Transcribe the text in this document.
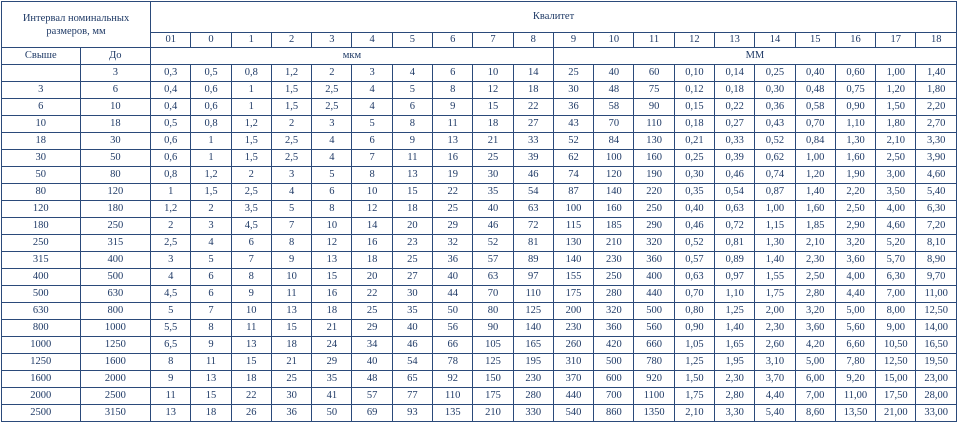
Интервал номинальных размеров, мм		Квалитет																			
		01	0	1	2	3	4	5	6	7	8	9	10	11	12	13	14	15	16	17	18
Свыше	До	мкм										ММ									
	3	0,3	0,5	0,8	1,2	2	3	4	6	10	14	25	40	60	0,10	0,14	0,25	0,40	0,60	1,00	1,40
3	6	0,4	0,6	1	1,5	2,5	4	5	8	12	18	30	48	75	0,12	0,18	0,30	0,48	0,75	1,20	1,80
6	10	0,4	0,6	1	1,5	2,5	4	6	9	15	22	36	58	90	0,15	0,22	0,36	0,58	0,90	1,50	2,20
10	18	0,5	0,8	1,2	2	3	5	8	11	18	27	43	70	110	0,18	0,27	0,43	0,70	1,10	1,80	2,70
18	30	0,6	1	1,5	2,5	4	6	9	13	21	33	52	84	130	0,21	0,33	0,52	0,84	1,30	2,10	3,30
30	50	0,6	1	1,5	2,5	4	7	11	16	25	39	62	100	160	0,25	0,39	0,62	1,00	1,60	2,50	3,90
50	80	0,8	1,2	2	3	5	8	13	19	30	46	74	120	190	0,30	0,46	0,74	1,20	1,90	3,00	4,60
80	120	1	1,5	2,5	4	6	10	15	22	35	54	87	140	220	0,35	0,54	0,87	1,40	2,20	3,50	5,40
120	180	1,2	2	3,5	5	8	12	18	25	40	63	100	160	250	0,40	0,63	1,00	1,60	2,50	4,00	6,30
180	250	2	3	4,5	7	10	14	20	29	46	72	115	185	290	0,46	0,72	1,15	1,85	2,90	4,60	7,20
250	315	2,5	4	6	8	12	16	23	32	52	81	130	210	320	0,52	0,81	1,30	2,10	3,20	5,20	8,10
315	400	3	5	7	9	13	18	25	36	57	89	140	230	360	0,57	0,89	1,40	2,30	3,60	5,70	8,90
400	500	4	6	8	10	15	20	27	40	63	97	155	250	400	0,63	0,97	1,55	2,50	4,00	6,30	9,70
500	630	4,5	6	9	11	16	22	30	44	70	110	175	280	440	0,70	1,10	1,75	2,80	4,40	7,00	11,00
630	800	5	7	10	13	18	25	35	50	80	125	200	320	500	0,80	1,25	2,00	3,20	5,00	8,00	12,50
800	1000	5,5	8	11	15	21	29	40	56	90	140	230	360	560	0,90	1,40	2,30	3,60	5,60	9,00	14,00
1000	1250	6,5	9	13	18	24	34	46	66	105	165	260	420	660	1,05	1,65	2,60	4,20	6,60	10,50	16,50
1250	1600	8	11	15	21	29	40	54	78	125	195	310	500	780	1,25	1,95	3,10	5,00	7,80	12,50	19,50
1600	2000	9	13	18	25	35	48	65	92	150	230	370	600	920	1,50	2,30	3,70	6,00	9,20	15,00	23,00
2000	2500	11	15	22	30	41	57	77	110	175	280	440	700	1100	1,75	2,80	4,40	7,00	11,00	17,50	28,00
2500	3150	13	18	26	36	50	69	93	135	210	330	540	860	1350	2,10	3,30	5,40	8,60	13,50	21,00	33,00
